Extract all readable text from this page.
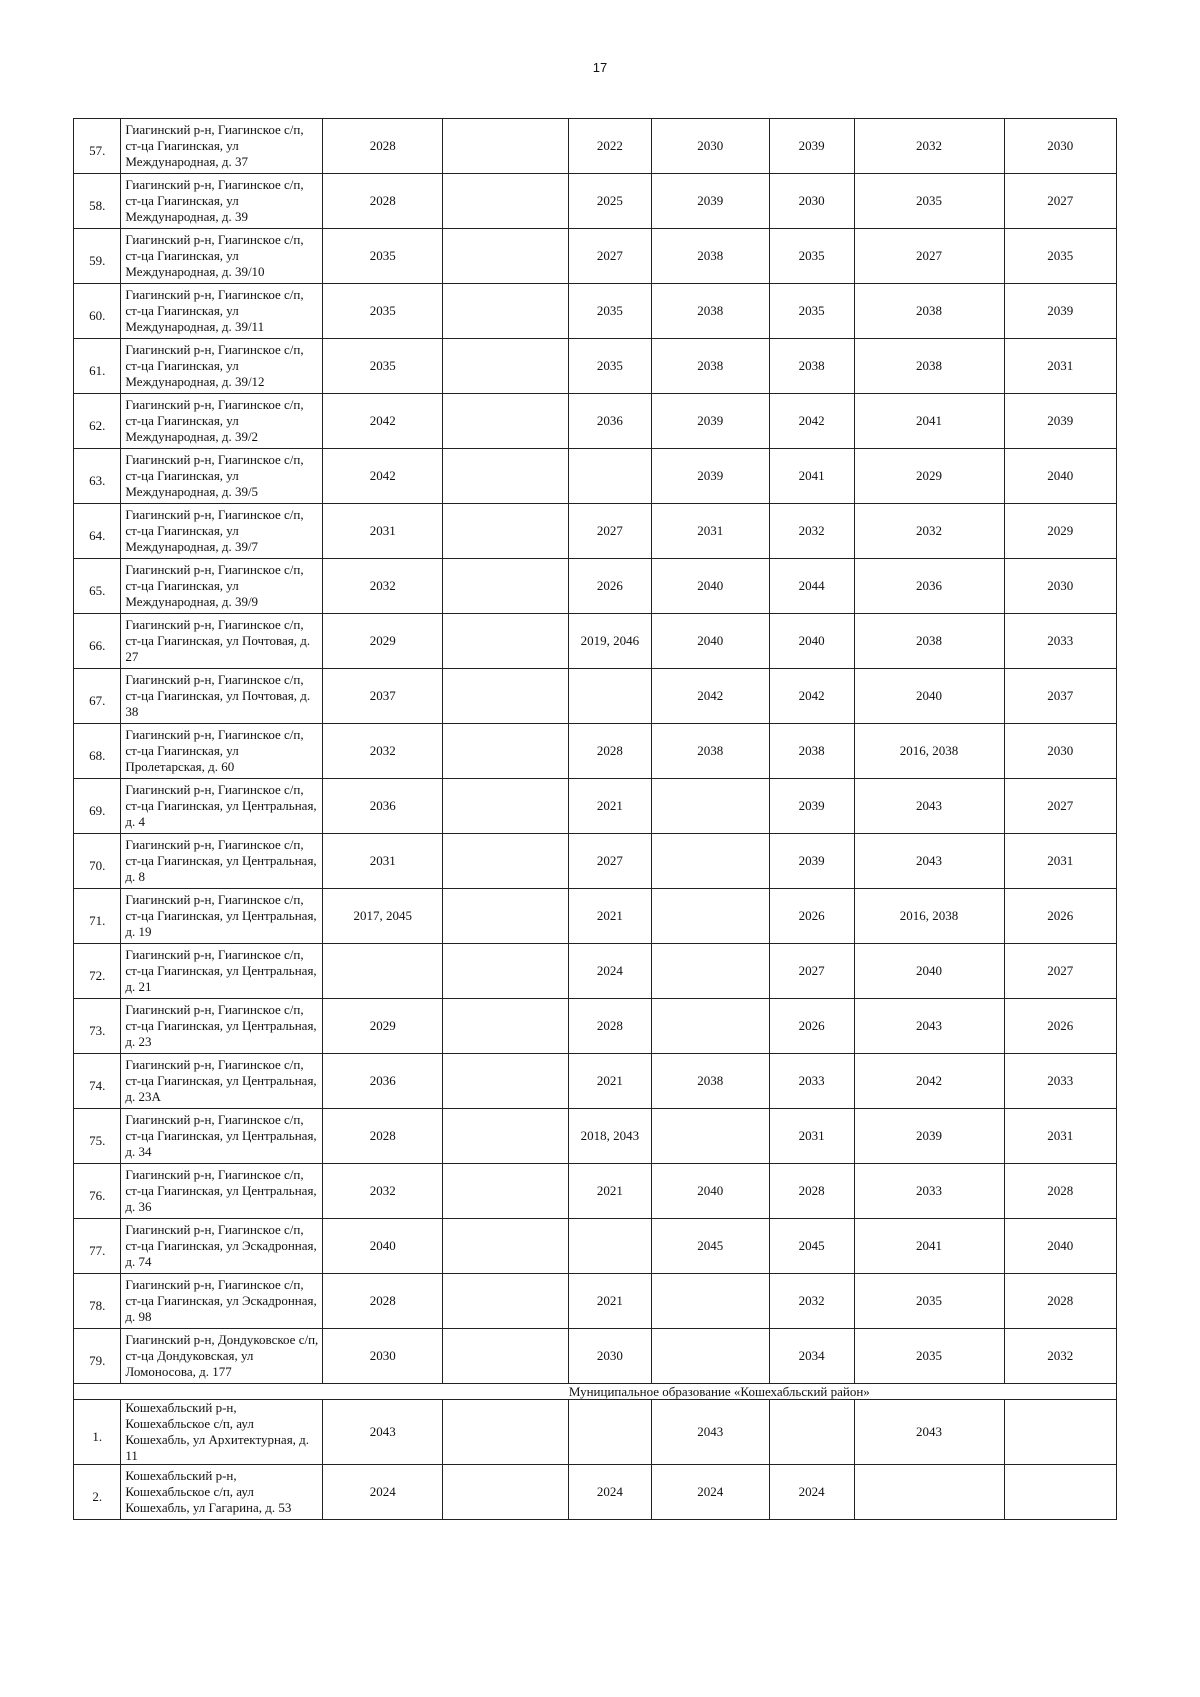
17
57.	Гиагинский р-н, Гиагинское с/п, ст-ца Гиагинская, ул Международная, д. 37	2028		2022	2030	2039	2032	2030
58.	Гиагинский р-н, Гиагинское с/п, ст-ца Гиагинская, ул Международная, д. 39	2028		2025	2039	2030	2035	2027
59.	Гиагинский р-н, Гиагинское с/п, ст-ца Гиагинская, ул Международная, д. 39/10	2035		2027	2038	2035	2027	2035
60.	Гиагинский р-н, Гиагинское с/п, ст-ца Гиагинская, ул Международная, д. 39/11	2035		2035	2038	2035	2038	2039
61.	Гиагинский р-н, Гиагинское с/п, ст-ца Гиагинская, ул Международная, д. 39/12	2035		2035	2038	2038	2038	2031
62.	Гиагинский р-н, Гиагинское с/п, ст-ца Гиагинская, ул Международная, д. 39/2	2042		2036	2039	2042	2041	2039
63.	Гиагинский р-н, Гиагинское с/п, ст-ца Гиагинская, ул Международная, д. 39/5	2042			2039	2041	2029	2040
64.	Гиагинский р-н, Гиагинское с/п, ст-ца Гиагинская, ул Международная, д. 39/7	2031		2027	2031	2032	2032	2029
65.	Гиагинский р-н, Гиагинское с/п, ст-ца Гиагинская, ул Международная, д. 39/9	2032		2026	2040	2044	2036	2030
66.	Гиагинский р-н, Гиагинское с/п, ст-ца Гиагинская, ул Почтовая, д. 27	2029		2019, 2046	2040	2040	2038	2033
67.	Гиагинский р-н, Гиагинское с/п, ст-ца Гиагинская, ул Почтовая, д. 38	2037			2042	2042	2040	2037
68.	Гиагинский р-н, Гиагинское с/п, ст-ца Гиагинская, ул Пролетарская, д. 60	2032		2028	2038	2038	2016, 2038	2030
69.	Гиагинский р-н, Гиагинское с/п, ст-ца Гиагинская, ул Центральная, д. 4	2036		2021		2039	2043	2027
70.	Гиагинский р-н, Гиагинское с/п, ст-ца Гиагинская, ул Центральная, д. 8	2031		2027		2039	2043	2031
71.	Гиагинский р-н, Гиагинское с/п, ст-ца Гиагинская, ул Центральная, д. 19	2017, 2045		2021		2026	2016, 2038	2026
72.	Гиагинский р-н, Гиагинское с/п, ст-ца Гиагинская, ул Центральная, д. 21			2024		2027	2040	2027
73.	Гиагинский р-н, Гиагинское с/п, ст-ца Гиагинская, ул Центральная, д. 23	2029		2028		2026	2043	2026
74.	Гиагинский р-н, Гиагинское с/п, ст-ца Гиагинская, ул Центральная, д. 23А	2036		2021	2038	2033	2042	2033
75.	Гиагинский р-н, Гиагинское с/п, ст-ца Гиагинская, ул Центральная, д. 34	2028		2018, 2043		2031	2039	2031
76.	Гиагинский р-н, Гиагинское с/п, ст-ца Гиагинская, ул Центральная, д. 36	2032		2021	2040	2028	2033	2028
77.	Гиагинский р-н, Гиагинское с/п, ст-ца Гиагинская, ул Эскадронная, д. 74	2040			2045	2045	2041	2040
78.	Гиагинский р-н, Гиагинское с/п, ст-ца Гиагинская, ул Эскадронная, д. 98	2028		2021		2032	2035	2028
79.	Гиагинский р-н, Дондуковское с/п, ст-ца Дондуковская, ул Ломоносова, д. 177	2030		2030		2034	2035	2032
		Муниципальное образование «Кошехабльский район»						
1.	Кошехабльский р-н, Кошехабльское с/п, аул Кошехабль, ул Архитектурная, д. 11	2043			2043		2043	
2.	Кошехабльский р-н, Кошехабльское с/п, аул Кошехабль, ул Гагарина, д. 53	2024		2024	2024	2024		
